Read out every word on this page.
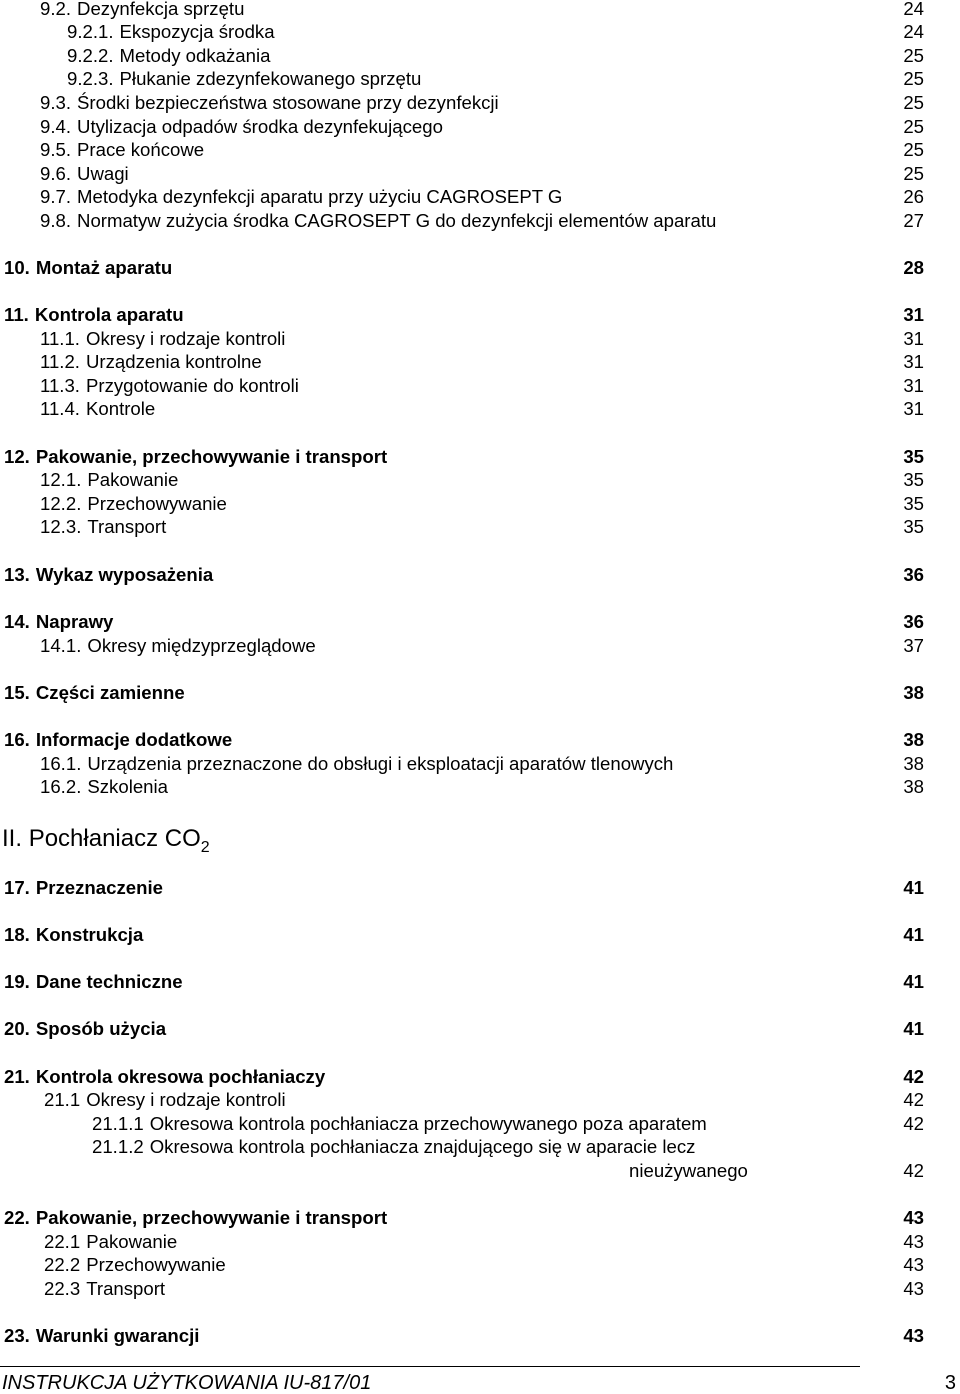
9.2. Dezynfekcja sprzętu	24
9.2.1. Ekspozycja środka	24
9.2.2. Metody odkażania	25
9.2.3. Płukanie zdezynfekowanego sprzętu	25
9.3. Środki bezpieczeństwa stosowane przy dezynfekcji	25
9.4. Utylizacja odpadów środka dezynfekującego	25
9.5. Prace końcowe	25
9.6. Uwagi	25
9.7. Metodyka dezynfekcji aparatu przy użyciu CAGROSEPT G	26
9.8. Normatyw zużycia środka CAGROSEPT G do dezynfekcji elementów aparatu	27
10. Montaż aparatu	28
11. Kontrola aparatu	31
11.1. Okresy i rodzaje kontroli	31
11.2. Urządzenia kontrolne	31
11.3. Przygotowanie do kontroli	31
11.4. Kontrole	31
12. Pakowanie, przechowywanie i transport	35
12.1. Pakowanie	35
12.2. Przechowywanie	35
12.3. Transport	35
13. Wykaz wyposażenia	36
14. Naprawy	36
14.1. Okresy międzyprzeglądowe	37
15. Części zamienne	38
16. Informacje dodatkowe	38
16.1. Urządzenia przeznaczone do obsługi i eksploatacji aparatów tlenowych	38
16.2. Szkolenia	38
17. Przeznaczenie	41
18. Konstrukcja	41
19. Dane techniczne	41
20. Sposób użycia	41
21. Kontrola okresowa pochłaniaczy	42
21.1 Okresy i rodzaje kontroli	42
21.1.1 Okresowa kontrola pochłaniacza przechowywanego poza aparatem	42
21.1.2 Okresowa kontrola pochłaniacza znajdującego się w aparacie lecz
nieużywanego	42
22. Pakowanie, przechowywanie i transport	43
22.1 Pakowanie	43
22.2 Przechowywanie	43
22.3 Transport	43
23. Warunki gwarancji	43
II. Pochłaniacz $CO_2$
INSTRUKCJA UŻYTKOWANIA IU-817/01	3
